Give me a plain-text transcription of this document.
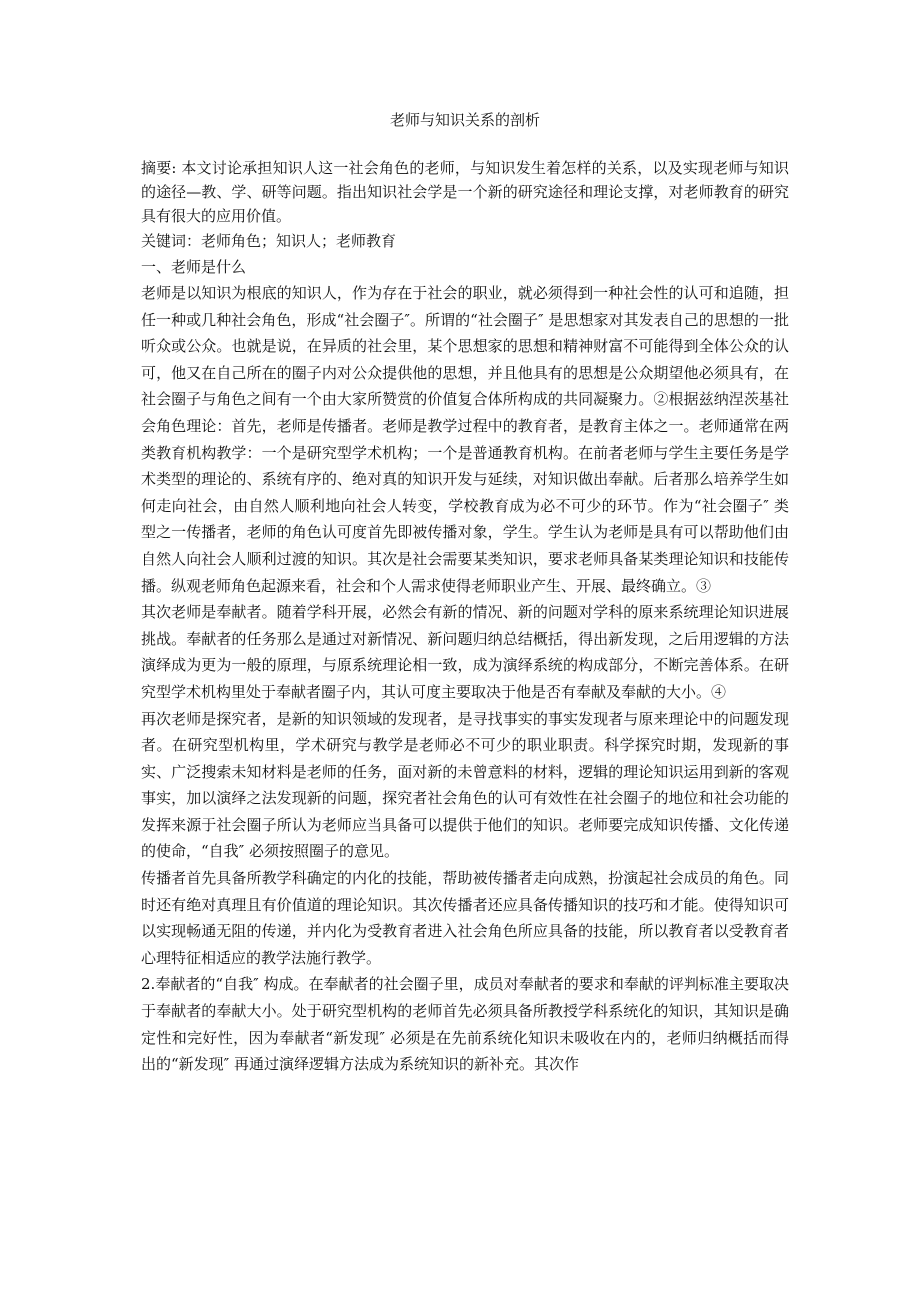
老师与知识关系的剖析

摘要: 本文讨论承担知识人这一社会角色的老师，与知识发生着怎样的关系，以及实现老师与知识的途径—教、学、研等问题。指出知识社会学是一个新的研究途径和理论支撑，对老师教育的研究具有很大的应用价值。

关键词：老师角色；知识人；老师教育

一、老师是什么

老师是以知识为根底的知识人，作为存在于社会的职业，就必须得到一种社会性的认可和追随，担任一种或几种社会角色，形成“社会圈子″。所谓的“社会圈子″ 是思想家对其发表自己的思想的一批听众或公众。也就是说，在异质的社会里，某个思想家的思想和精神财富不可能得到全体公众的认可，他又在自己所在的圈子内对公众提供他的思想，并且他具有的思想是公众期望他必须具有，在社会圈子与角色之间有一个由大家所赞赏的价值复合体所构成的共同凝聚力。②根据兹纳涅茨基社会角色理论：首先，老师是传播者。老师是教学过程中的教育者，是教育主体之一。老师通常在两类教育机构教学：一个是研究型学术机构；一个是普通教育机构。在前者老师与学生主要任务是学术类型的理论的、系统有序的、绝对真的知识开发与延续，对知识做出奉献。后者那么培养学生如何走向社会，由自然人顺利地向社会人转变，学校教育成为必不可少的环节。作为“社会圈子″ 类型之一传播者，老师的角色认可度首先即被传播对象，学生。学生认为老师是具有可以帮助他们由自然人向社会人顺利过渡的知识。其次是社会需要某类知识，要求老师具备某类理论知识和技能传播。纵观老师角色起源来看，社会和个人需求使得老师职业产生、开展、最终确立。③

其次老师是奉献者。随着学科开展，必然会有新的情况、新的问题对学科的原来系统理论知识进展挑战。奉献者的任务那么是通过对新情况、新问题归纳总结概括，得出新发现，之后用逻辑的方法演绎成为更为一般的原理，与原系统理论相一致，成为演绎系统的构成部分，不断完善体系。在研究型学术机构里处于奉献者圈子内，其认可度主要取决于他是否有奉献及奉献的大小。④

再次老师是探究者，是新的知识领域的发现者，是寻找事实的事实发现者与原来理论中的问题发现者。在研究型机构里，学术研究与教学是老师必不可少的职业职责。科学探究时期，发现新的事实、广泛搜索未知材料是老师的任务，面对新的未曾意料的材料，逻辑的理论知识运用到新的客观事实，加以演绎之法发现新的问题，探究者社会角色的认可有效性在社会圈子的地位和社会功能的发挥来源于社会圈子所认为老师应当具备可以提供于他们的知识。老师要完成知识传播、文化传递的使命，“自我″ 必须按照圈子的意见。

传播者首先具备所教学科确定的内化的技能，帮助被传播者走向成熟，扮演起社会成员的角色。同时还有绝对真理且有价值道的理论知识。其次传播者还应具备传播知识的技巧和才能。使得知识可以实现畅通无阻的传递，并内化为受教育者进入社会角色所应具备的技能，所以教育者以受教育者心理特征相适应的教学法施行教学。

2.奉献者的“自我″ 构成。在奉献者的社会圈子里，成员对奉献者的要求和奉献的评判标准主要取决于奉献者的奉献大小。处于研究型机构的老师首先必须具备所教授学科系统化的知识，其知识是确定性和完好性，因为奉献者“新发现″ 必须是在先前系统化知识未吸收在内的，老师归纳概括而得出的“新发现″ 再通过演绎逻辑方法成为系统知识的新补充。其次作
